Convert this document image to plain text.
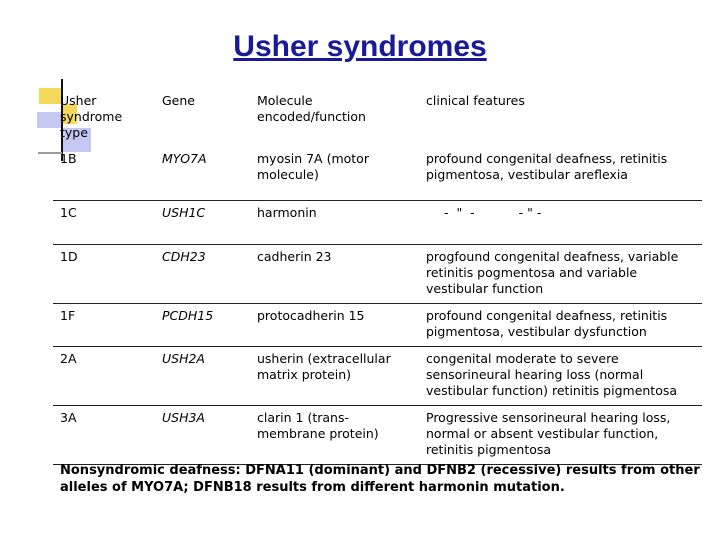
Usher syndromes
Usher syndrome type	Gene	Molecule encoded/function	clinical features
1B	MYO7A	myosin 7A (motor molecule)	profound congenital deafness, retinitis pigmentosa, vestibular areflexia
1C	USH1C	harmonin	-  "  - - " -
1D	CDH23	cadherin 23	progfound congenital deafness, variable retinitis pogmentosa and variable vestibular function
1F	PCDH15	protocadherin 15	profound congenital deafness, retinitis pigmentosa, vestibular dysfunction
2A	USH2A	usherin (extracellular matrix protein)	congenital moderate to severe sensorineural hearing loss (normal vestibular function) retinitis pigmentosa
3A	USH3A	clarin 1 (trans-membrane protein)	Progressive sensorineural hearing loss, normal or absent vestibular function, retinitis pigmentosa
Nonsyndromic deafness: DFNA11 (dominant) and DFNB2 (recessive) results from other alleles of MYO7A; DFNB18 results from different harmonin mutation.
